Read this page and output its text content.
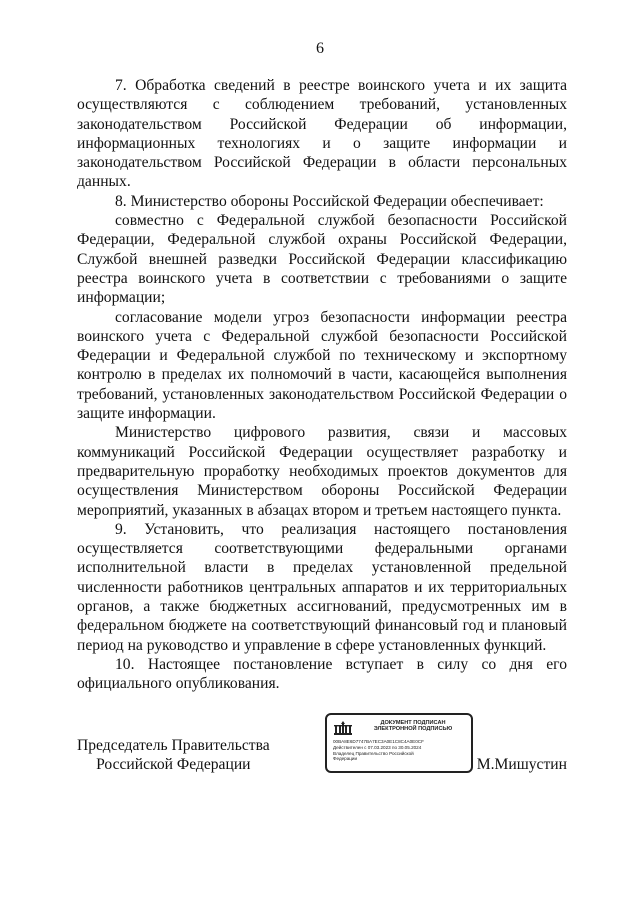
6

7. Обработка сведений в реестре воинского учета и их защита осуществляются с соблюдением требований, установленных законодательством Российской Федерации об информации, информационных технологиях и о защите информации и законодательством Российской Федерации в области персональных данных.

8. Министерство обороны Российской Федерации обеспечивает:

совместно с Федеральной службой безопасности Российской Федерации, Федеральной службой охраны Российской Федерации, Службой внешней разведки Российской Федерации классификацию реестра воинского учета в соответствии с требованиями о защите информации;

согласование модели угроз безопасности информации реестра воинского учета с Федеральной службой безопасности Российской Федерации и Федеральной службой по техническому и экспортному контролю в пределах их полномочий в части, касающейся выполнения требований, установленных законодательством Российской Федерации о защите информации.

Министерство цифрового развития, связи и массовых коммуникаций Российской Федерации осуществляет разработку и предварительную проработку необходимых проектов документов для осуществления Министерством обороны Российской Федерации мероприятий, указанных в абзацах втором и третьем настоящего пункта.

9. Установить, что реализация настоящего постановления осуществляется соответствующими федеральными органами исполнительной власти в пределах установленной предельной численности работников центральных аппаратов и их территориальных органов, а также бюджетных ассигнований, предусмотренных им в федеральном бюджете на соответствующий финансовый год и плановый период на руководство и управление в сфере установленных функций.

10. Настоящее постановление вступает в силу со дня его официального опубликования.

Председатель Правительства
Российской Федерации
ДОКУМЕНТ ПОДПИСАН
ЭЛЕКТРОННОЙ ПОДПИСЬЮ
00BA8E6D7747BA7EC3A0E1C8C4A0E0CF
Действителен с 07.03.2023 по 30.05.2024
Владелец Правительство Российской
Федерации	М.Мишустин
